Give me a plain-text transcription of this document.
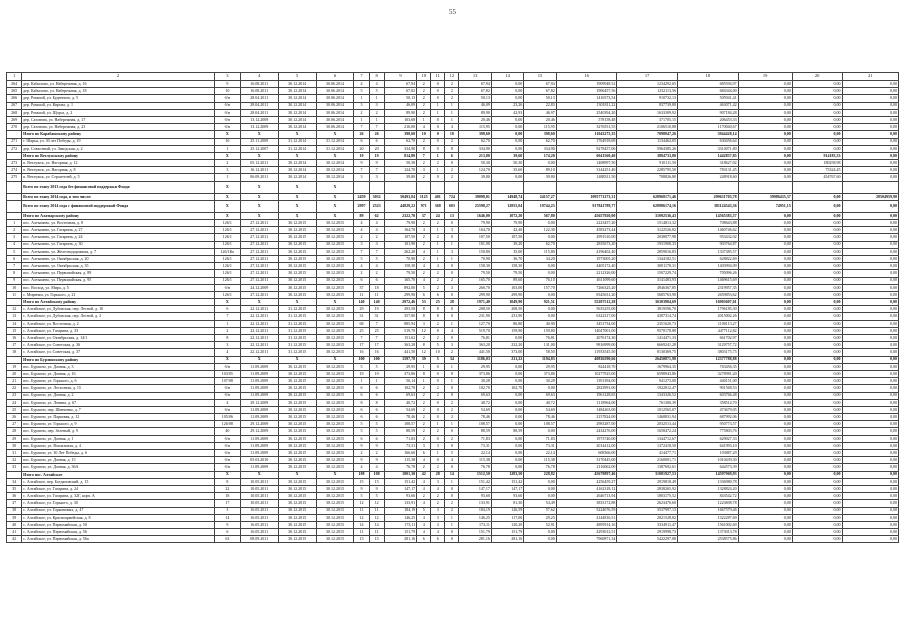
55
1	2	3	4	5	6	7	8	9	10	11	12	13	14	15	16	17	18	19	20	21
264	дер. Кабылово, ул. Набережная, д. 16	9	16.08.2011	30.12.2014	30.06.2014	4	4	67,94	2	0	2	67,94	0,00	67,94	1909948,52	1234292,65	685594,97	0,00	0,00	0,00
265	дер. Кабылово, ул. Набережная, д. 18	10	16.08.2011	30.12.2014	30.06.2014	5	5	67,82	2	0	2	67,82	0,00	67,82	1906457,56	1232113,56	684344,00	0,00	0,00	0,00
266	дер. Ромшой, ул. Буденного, д. 5	б/н	28.04.2011	30.12.2014	30.06.2014	1	1	50,13	2	0	2	50,13	0,00	50,13	1416573,54	910732,13	505941,41	0,00	0,00	0,00
267	дер. Ромшой, ул. Кирова, д. 1	б/н	28.04.2011	30.12.2014	30.06.2014	3	3	46,09	2	1	1	46,09	23,26	22,83	1301811,22	837739,80	463071,42	0,00	0,00	0,00
268	дер. Ромшой, ул. Щорса, д. 2	б/н	28.04.2011	30.12.2014	30.06.2014	2	2	89,90	2	1	1	89,90	42,93	46,97	2540394,20	1633309,92	907184,28	0,00	0,00	0,00
269	дер. Сазонова, ул. Набережная, д. 17	б/н	13.12.2009	30.12.2014	30.06.2014	1	1	103,68	1	0	1	20,46	0,00	20,46	578158,48	371705,15	206453,33	0,00	0,00	0,00
270	дер. Сазонова, ул. Набережная, д. 23	б/н	13.12.2009	30.12.2014	30.06.2014	7	7	216,00	4	0	4	115,95	0,00	115,95	3276551,55	2106510,88	1170040,67	0,00	0,00	0,00
	Итого по Карабашскому району	X	X	X	X	26	26	398,60	10	0	10	398,60	0,00	398,60	11043275,35	7098847,26	3944428,14	0,00	0,00	0,00
271	г. Шарья, ул. 30 лет Победы, д. 19	16	25.11.2009	31.12.2014	31.12.2014	6	6	62,70	2	0	2	62,70	0,00	62,70	1764918,69	1134462,05	630456,64	0,00	0,00	0,00
272	дер. Совхозный, ул. Заводская, д. 2	1	25.12.2007	31.12.2014	31.12.2014	20	20	334,90	8	0	8	334,90	0,00	334,90	9278457,06	5964385,26	3314071,80	0,00	0,00	0,00
	Итого по Ветлужскому району	X	X	X	X	19	19	814,80	7	1	6	213,80	39,60	174,20	6041560,40	3884733,80	1442837,85	0,00	914183,33	0,00
273	п. Ветлужск, ул. Нагорная, д. 12	2	05.12.2011	30.12.2014	30.12.2014	9	9	50,30	2	2	0	50,30	50,30	0,00	1408997,50	910111,50	318627,02	0,00	180258,98	0,00
274	п. Ветлужск, ул. Нагорная, д. 8	3	16.12.2011	30.12.2014	30.12.2014	7	7	124,70	3	1	2	124,70	35,60	89,10	3144251,40	2285795,50	783131,45	0,00	75324,45	0,00
275	п. Ветлужск, ул. Строителей, д. 5	1	06.09.2011	30.12.2014	30.12.2014	3	3	39,80	2	0	2	39,80	0,00	39,80	1488311,50	708826,80	248918,60	0,00	454767,60	0,00
	Всего по этапу 2013 года без финансовой поддержки Фонда	X	X	X	X															
	Всего по этапу 2014 года, в том числе:	X	X	X	X	2459	3032	50493,84	1125	401	724	39098,01	14948,74	24157,27	1095771273,31	628968171,46	299631703,78	39986435,37	0,00	28504959,90
	Всего по этапу 2014 года с финансовой поддержкой Фонда	X	X	X	X	2997	2523	44829,22	971	368	603	25598,27	12855,04	19744,23	917841789,77	628986174,16	381124543,36	74951,15	0,00	0,00
	Итого по Алатырскому району	X	X	X	X	89	62	2322,70	37	24	13	1646,00	1072,20	567,80	45657920,00	31092536,43	14565383,57	0,00	0,00	0,00
1	пос. Алтышево, ул. Восточная, д. 8	126/1	27.12.2011	30.12.2015	30.12.2015	4	4	79,90	2	2	0	79,90	79,90	0,00	2223457,20	1514813,32	708643,88	0,00	0,00	0,00
2	пос. Алтышево, ул. Гагарина, д. 27	126/1	27.12.2011	30.12.2015	30.12.2015	4	4	164,70	4	1	3	164,70	42,40	122,30	4583273,44	3122526,82	1460746,62	0,00	0,00	0,00
3	пос. Алтышево, ул. Гагарина, д. 24	126/1	27.12.2011	30.12.2015	30.12.2015	2	2	107,50	2	2	0	107,50	107,50	0,00	2991510,00	2038077,98	953432,02	0,00	0,00	0,00
4	пос. Алтышево, ул. Гагарина, д. 30	126/1	27.12.2011	30.12.2015	30.12.2015	3	3	101,90	2	1	1	101,90	39,20	62,70	2835673,20	1931908,33	903764,87	0,00	0,00	0,00
5	пос. Алтышево, ул. Железнодорожная, д. 7	126/1Ко	27.12.2011	30.12.2015	30.12.2015	7	7	262,20	4	1	3	150,80	35,00	115,80	4196402,40	2859016,83	1337385,57	0,00	0,00	0,00
6	пос. Алтышево, ул. Октябрьская, д. 20	126/1	27.12.2011	30.12.2015	30.12.2015	5	5	70,90	2	1	1	70,90	36,70	34,20	1973005,20	1344182,51	628822,69	0,00	0,00	0,00
7	пос. Алтышево, ул. Октябрьская, д. 35	126/1	27.12.2011	30.12.2015	30.12.2015	4	4	158,30	4	4	0	158,30	158,30	0,00	4405172,40	3001178,31	1403994,09	0,00	0,00	0,00
8	пос. Алтышево, ул. Первомайская, д. 89	126/1	27.12.2011	30.12.2015	30.12.2015	2	2	79,50	2	2	0	79,50	79,50	0,00	2212326,00	1507229,74	705096,26	0,00	0,00	0,00
9	пос. Алтышево, ул. Первомайская, д. 95	126/1	27.12.2011	30.12.2015	30.12.2015	6	6	165,70	4	2	2	165,70	89,60	76,10	4611099,60	3141483,93	1469615,69	0,00	0,00	0,00
10	пос. Восход, ул. Мира, д. 5	б/н	24.12.2009	30.12.2015	30.12.2015	37	18	892,00	5	2	3	260,70	103,00	157,70	7266325,20	4946367,85	2319957,35	0,00	0,00	0,00
11	с. Миренки, ул. Горького, д. 21	126/1	27.12.2011	30.12.2015	30.12.2015	11	11	299,90	6	6	0	299,90	299,90	0,00	8345631,20	5685763,90	2659853,62	0,00	0,00	0,00
	Итого по Алтайскому району	X	X	X	X	140	140	2972,46	53	25	28	1971,40	1049,90	921,51	55207512,28	36303904,69	16903607,61	0,00	0,00	0,00
12	с. Алтайское, ул. Дубовская, пер. Лесной, д. 10	6	22.12.2011	31.12.2015	30.12.2015	29	19	293,50	8	8	0	208,50	208,50	0,00	5635255,00	3819596,70	1796185,30	0,00	0,00	0,00
13	с. Алтайское, ул. Дубовская, пер. Лесной, д. 2	7	22.12.2011	31.12.2015	30.12.2015	31	31	357,80	8	8	0	231,90	231,90	0,00	6322317,00	4307314,74	2015002,26	0,00	0,00	0,00
14	с. Алтайское, ул. Восточная, д. 2	1	22.12.2011	31.12.2015	30.12.2015	68	7	885,94	3	2	1	127,70	86,80	40,90	3451734,00	2351620,73	1100113,27	0,00	0,00	0,00
15	с. Алтайское, ул. Гагарина, д. 33	2	22.12.2011	31.12.2015	30.12.2015	25	25	519,70	12	8	4	519,70	159,90	159,80	14047001,00	9570178,88	4477112,82	0,00	0,00	0,00
16	с. Алтайское, ул. Октябрьская, д. 14/1	8	22.12.2011	31.12.2015	30.12.2015	7	7	151,62	2	2	0	76,81	0,00	76,81	2076174,30	1414471,33	661702,97	0,00	0,00	0,00
17	с. Алтайское, ул. Советская, д. 36	3	22.12.2011	31.12.2015	30.12.2015	17	17	363,20	8	5	3	363,20	232,20	131,00	9816999,00	6669241,28	3129757,72	0,00	0,00	0,00
18	с. Алтайское, ул. Советская, д. 37	4	22.12.2011	31.12.2015	30.12.2015	16	16	441,50	12	10	2	441,50	373,00	58,50	11933545,50	8130369,75	3803175,75	0,00	0,00	0,00
	Итого по Бурлинскому району	X	X	X	X	100	100	1597,78	39	5	34	1186,03	231,22	1194,83	40836590,66	26450871,98	12377788,88	0,00	0,00	0,00
19	пос. Бурлино, ул. Дачная, д. 3	б/н	11.09.2009	30.12.2015	30.12.2015	5	5	29,95	1	0	1	29,95	0,00	29,95	824418,70	1679964,35	763456,35	0,00	0,00	0,00
20	пос. Бурлино, ул. Дачная, д. 16	103/05	11.09.2009	30.12.2015	30.12.2015	19	19	373,86	8	0	8	373,86	0,00	373,86	10277925,00	6598943,86	3278981,20	0,00	0,00	0,00
21	пос. Бурлино, ул. Горького, д. 6	107/08	11.09.2009	30.12.2015	30.12.2015	1	1	56,14	1	0	1	30,28	0,00	30,28	1391394,00	941273,00	440151,00	0,00	0,00	0,00
22	пос. Бурлино, ул. Лесхозная, д. 15	б/н	11.09.2009	30.12.2015	30.12.2015	6	6	102,70	2	2	0	102,70	102,70	0,00	2823991,00	1922012,47	901568,53	0,00	0,00	0,00
23	пос. Бурлино, ул. Дачная, д. 2	б/н	11.09.2009	30.12.2015	30.12.2015	6	6	69,63	2	2	0	69,63	0,00	69,63	1961228,65	1343326,52	603766,48	0,00	0,00	0,00
24	пос. Бурлино, ул. Ленина, д. 67	4	29.12.2009	30.12.2015	30.12.2015	8	8	40,72	2	0	2	40,72	0,00	40,72	1118964,00	761300,39	358514,70	0,00	0,00	0,00
25	пос. Бурлино, пер. Шевченко, д. 7	б/н	11.09.2009	30.12.2015	30.12.2015	6	6	54,69	2	0	2	54,69	0,00	54,69	1484263,00	1012565,07	473679,05	0,00	0,00	0,00
26	пос. Бурлино, ул. Парковая, д. 12	105/06	11.09.2009	30.12.2015	30.12.2015	6	6	78,46	2	0	2	78,46	0,00	78,46	2157824,00	1468831,94	687992,06	0,00	0,00	0,00
27	пос. Бурлино, ул. Горького, д. 9	126/08	29.12.2009	30.12.2015	30.12.2015	5	5	108,57	2	1	1	108,57	0,00	108,57	2983287,00	2032513,44	950773,57	0,00	0,00	0,00
28	пос. Бурлино, пер. Зеленый, д. 9	40	29.12.2009	30.12.2015	30.12.2015	5	5	88,59	2	2	0	88,59	88,59	0,00	2434276,00	1658472,24	775803,76	0,00	0,00	0,00
29	пос. Бурлино, ул. Дачная, д. 1	б/н	11.09.2009	30.12.2015	30.12.2015	6	6	71,83	2	0	2	71,83	0,00	71,83	1973740,00	1344712,67	629027,33	0,00	0,00	0,00
30	пос. Бурлино, ул. Вокзальная, д. 4	б/н	11.09.2009	30.12.2015	30.12.2015	9	9	73,31	3	3	0	73,31	0,00	73,31	2014412,00	1372418,50	641993,10	0,00	0,00	0,00
31	пос. Бурлино, ул. 30 Лет Победы, д. 6	б/н	11.09.2009	30.12.2015	30.12.2015	2	2	166,60	6	1	5	22,14	0,00	22,14	608366,00	414477,71	193887,29	0,00	0,00	0,00
32	пос. Бурлино, ул. Дачная, д. 15	б/н	05.03.2010	30.12.2015	30.12.2015	9	9	115,38	4	0	4	115,38	0,00	115,38	3170445,00	2160001,71	1010439,30	0,00	0,00	0,00
33	пос. Бурлино, ул. Дачная, д. 36А	б/н	11.09.2009	30.12.2015	30.12.2015	4	4	76,78	2	2	0	76,78	0,00	76,78	2116062,00	1387692,61	644573,39	0,00	0,00	0,00
	Итого пос. Алтайское	X	X	X	X	108	108	1801,30	42	28	14	1512,50	1283,50	228,82	45679897,46	31081927,53	14597969,93	0,00	0,00	0,00
34	с. Алтайское, пер. Богдановский, д. 15	8	10.05.2011	30.12.2015	30.12.2015	15	15	151,42	4	3	1	151,42	151,42	0,00	4256459,27	2919818,49	1336980,78	0,00	0,00	0,00
35	с. Алтайское, ул. Гагарина, д. 24	22	10.05.2011	30.12.2015	30.12.2015	9	9	147,17	4	4	0	147,17	147,17	0,00	4162318,12	2838265,92	1328824,20	0,00	0,00	0,00
36	с. Алтайское, ул. Гагарина, д. 32Г, корп. А	18	10.05.2011	30.12.2015	30.12.2015	5	5	93,60	2	2	0	93,60	93,60	0,00	2646713,94	1803175,52	843542,72	0,00	0,00	0,00
37	с. Алтайское, ул. Горького, д. 30	17	10.05.2011	30.12.2015	30.12.2015	12	12	133,91	4	2	2	133,91	81,30	54,49	3833172,88	2623476,60	1223698,78	0,00	0,00	0,00
38	с. Алтайское, ул. Горяиновых, д. 47	3	16.05.2011	30.12.2015	30.12.2015	11	11	184,19	5	3	2	184,19	126,59	57,62	5224676,59	3537997,13	1667579,46	0,00	0,00	0,00
39	с. Алтайское, ул. Красноармейская, д. 8	14	16.05.2011	30.12.2015	30.12.2015	12	12	146,25	4	3	1	146,25	117,00	29,25	4144816,51	2821528,82	1322287,69	0,00	0,00	0,00
40	с. Алтайское, ул. Первомайская, д. 50	9	16.05.2011	30.12.2015	30.12.2015	14	14	173,11	4	3	1	173,11	120,20	52,91	4895914,16	3334911,47	1561002,69	0,00	0,00	0,00
41	с. Алтайское, ул. Первомайская, д. 56	6	16.05.2011	30.12.2015	30.12.2015	11	11	151,79	4	4	0	151,79	151,79	0,00	4293012,51	2919998,73	1373013,78	0,00	0,00	0,00
42	с. Алтайское, ул. Первомайская, д. 56а	63	08.09.2011	30.12.2015	30.12.2015	15	15	281,16	6	6	0	281,16	281,16	0,00	7960871,34	5422297,08	2538575,86	0,00	0,00	0,00
